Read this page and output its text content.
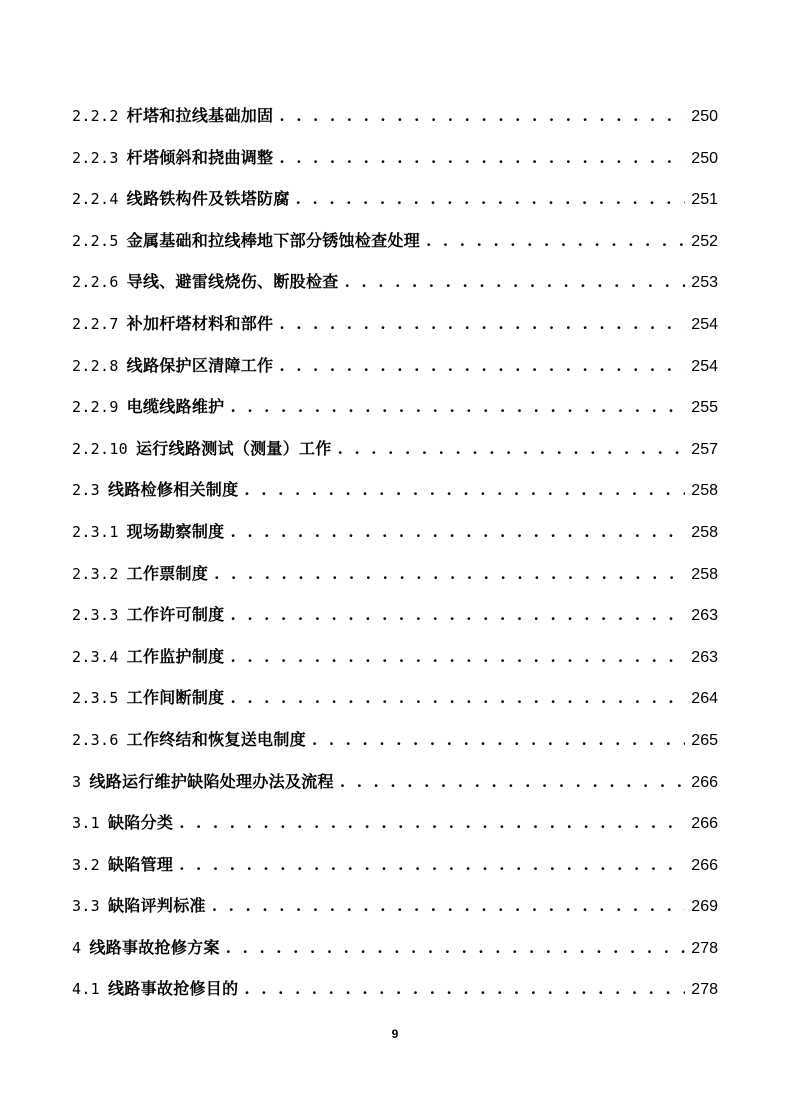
2.2.2 杆塔和拉线基础加固 . . .	250
2.2.3 杆塔倾斜和挠曲调整 . . .	250
2.2.4 线路铁构件及铁塔防腐 . . .	251
2.2.5 金属基础和拉线棒地下部分锈蚀检查处理 . . .	252
2.2.6 导线、避雷线烧伤、断股检查 . . .	253
2.2.7 补加杆塔材料和部件 . . .	254
2.2.8 线路保护区清障工作 . . .	254
2.2.9 电缆线路维护 . . .	255
2.2.10 运行线路测试（测量）工作 . . .	257
2.3 线路检修相关制度 . . .	258
2.3.1 现场勘察制度 . . .	258
2.3.2 工作票制度 . . .	258
2.3.3 工作许可制度 . . .	263
2.3.4 工作监护制度 . . .	263
2.3.5 工作间断制度 . . .	264
2.3.6 工作终结和恢复送电制度 . . .	265
3 线路运行维护缺陷处理办法及流程 . . .	266
3.1 缺陷分类 . . .	266
3.2 缺陷管理 . . .	266
3.3 缺陷评判标准 . . .	269
4 线路事故抢修方案 . . .	278
4.1 线路事故抢修目的 . . .	278
9
